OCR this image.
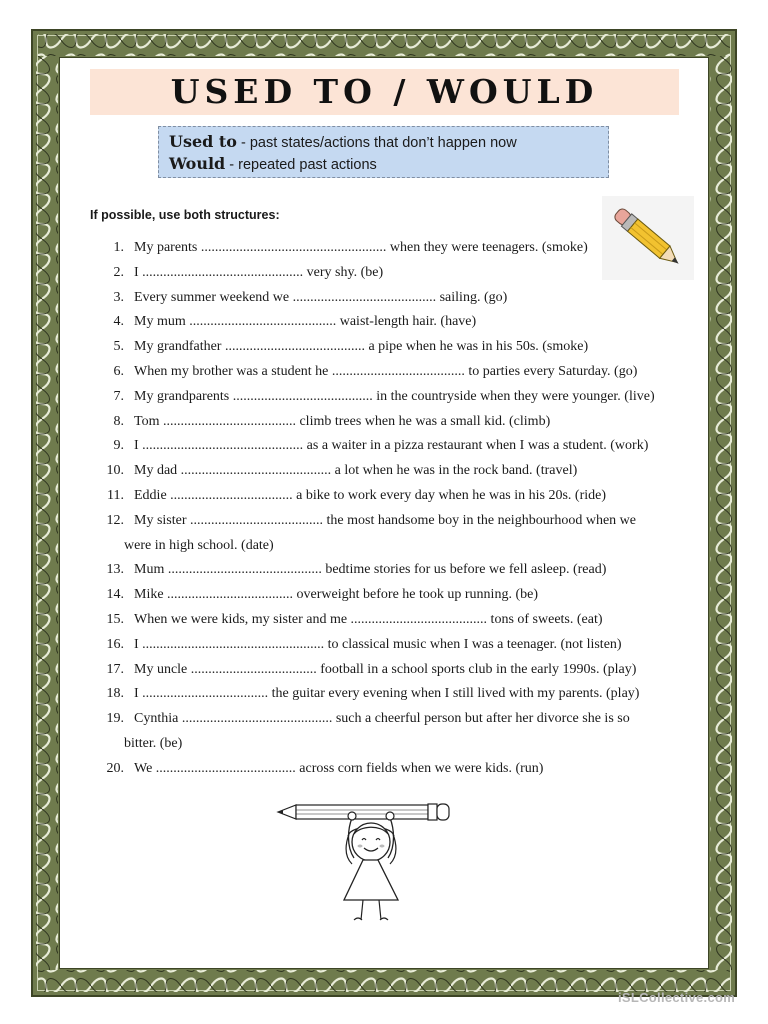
USED TO / WOULD
Used to - past states/actions that don’t happen now
Would - repeated past actions
If possible, use both structures:
1. My parents ..................................................... when they were teenagers. (smoke)
2. I .............................................. very shy. (be)
3. Every summer weekend we ......................................... sailing. (go)
4. My mum .......................................... waist-length hair. (have)
5. My grandfather ........................................ a pipe when he was in his 50s. (smoke)
6. When my brother was a student he ...................................... to parties every Saturday. (go)
7. My grandparents ........................................ in the countryside when they were younger. (live)
8. Tom ...................................... climb trees when he was a small kid. (climb)
9. I .............................................. as a waiter in a pizza restaurant when I was a student. (work)
10. My dad ........................................... a lot when he was in the rock band. (travel)
11. Eddie ................................... a bike to work every day when he was in his 20s. (ride)
12. My sister ...................................... the most handsome boy in the neighbourhood when we
were in high school. (date)
13. Mum ............................................ bedtime stories for us before we fell asleep. (read)
14. Mike .................................... overweight before he took up running. (be)
15. When we were kids, my sister and me ....................................... tons of sweets. (eat)
16. I .................................................... to classical music when I was a teenager. (not listen)
17. My uncle .................................... football in a school sports club in the early 1990s. (play)
18. I .................................... the guitar every evening when I still lived with my parents. (play)
19. Cynthia ........................................... such a cheerful person but after her divorce she is so
bitter. (be)
20. We ........................................ across corn fields when we were kids. (run)
iSLCollective.com
